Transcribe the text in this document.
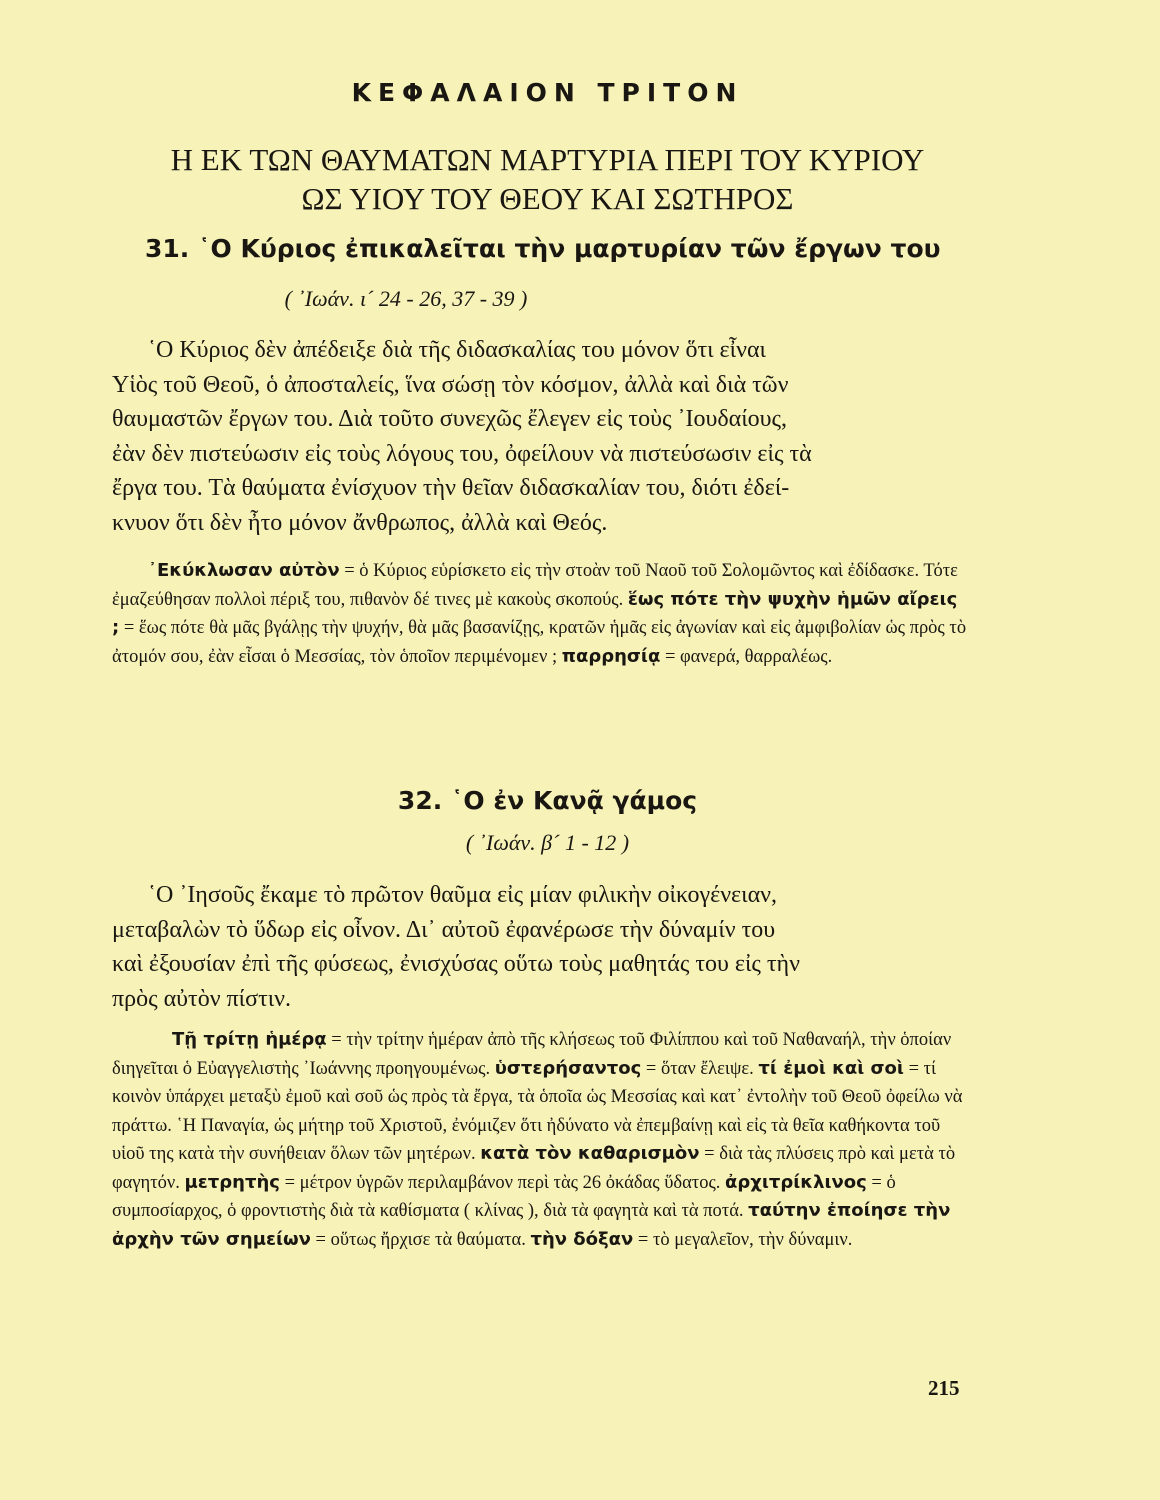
ΚΕΦΑΛΑΙΟΝ ΤΡΙΤΟΝ
Η ΕΚ ΤΩΝ ΘΑΥΜΑΤΩΝ ΜΑΡΤΥΡΙΑ ΠΕΡΙ ΤΟΥ ΚΥΡΙΟΥ
ΩΣ ΥΙΟΥ ΤΟΥ ΘΕΟΥ ΚΑΙ ΣΩΤΗΡΟΣ
31. ῾Ο Κύριος ἐπικαλεῖται τὴν μαρτυρίαν τῶν ἔργων του
( ᾿Ιωάν. ι´ 24 - 26, 37 - 39 )
῾Ο Κύριος δὲν ἀπέδειξε διὰ τῆς διδασκαλίας του μόνον ὅτι εἶναι
Υἱὸς τοῦ Θεοῦ, ὁ ἀποσταλείς, ἵνα σώσῃ τὸν κόσμον, ἀλλὰ καὶ διὰ τῶν
θαυμαστῶν ἔργων του. Διὰ τοῦτο συνεχῶς ἔλεγεν εἰς τοὺς ᾿Ιουδαίους,
ἐὰν δὲν πιστεύωσιν εἰς τοὺς λόγους του, ὀφείλουν νὰ πιστεύσωσιν εἰς τὰ
ἔργα του. Τὰ θαύματα ἐνίσχυον τὴν θεῖαν διδασκαλίαν του, διότι ἐδεί-
κνυον ὅτι δὲν ἦτο μόνον ἄνθρωπος, ἀλλὰ καὶ Θεός.
᾿Εκύκλωσαν αὐτὸν = ὁ Κύριος εὑρίσκετο εἰς τὴν στοὰν τοῦ Ναοῦ τοῦ Σολομῶντος καὶ ἐδίδασκε. Τότε ἐμαζεύθησαν πολλοὶ πέριξ του, πιθανὸν δέ τινες μὲ κακοὺς σκοπούς. ἕως πότε τὴν ψυχὴν ἡμῶν αἴρεις ; = ἕως πότε θὰ μᾶς βγάλῃς τὴν ψυχήν, θὰ μᾶς βασανίζῃς, κρατῶν ἡμᾶς εἰς ἀγωνίαν καὶ εἰς ἀμφιβολίαν ὡς πρὸς τὸ ἀτομόν σου, ἐὰν εἶσαι ὁ Μεσσίας, τὸν ὁποῖον περιμένομεν ; παρρησίᾳ = φανερά, θαρραλέως.
32. ῾Ο ἐν Κανᾷ γάμος
( ᾿Ιωάν. β´ 1 - 12 )
῾Ο ᾿Ιησοῦς ἔκαμε τὸ πρῶτον θαῦμα εἰς μίαν φιλικὴν οἰκογένειαν,
μεταβαλὼν τὸ ὕδωρ εἰς οἶνον. Δι᾿ αὐτοῦ ἐφανέρωσε τὴν δύναμίν του
καὶ ἐξουσίαν ἐπὶ τῆς φύσεως, ἐνισχύσας οὕτω τοὺς μαθητάς του εἰς τὴν
πρὸς αὐτὸν πίστιν.
Τῇ τρίτῃ ἡμέρᾳ = τὴν τρίτην ἡμέραν ἀπὸ τῆς κλήσεως τοῦ Φιλίππου καὶ τοῦ Ναθαναήλ, τὴν ὁποίαν διηγεῖται ὁ Εὐαγγελιστὴς ᾿Ιωάννης προηγουμένως. ὑστερήσαντος = ὅταν ἔλειψε. τί ἐμοὶ καὶ σοὶ = τί κοινὸν ὑπάρχει μεταξὺ ἐμοῦ καὶ σοῦ ὡς πρὸς τὰ ἔργα, τὰ ὁποῖα ὡς Μεσσίας καὶ κατ᾿ ἐντολὴν τοῦ Θεοῦ ὀφείλω νὰ πράττω. ῾Η Παναγία, ὡς μήτηρ τοῦ Χριστοῦ, ἐνόμιζεν ὅτι ἠδύνατο νὰ ἐπεμβαίνῃ καὶ εἰς τὰ θεῖα καθήκοντα τοῦ υἱοῦ της κατὰ τὴν συνήθειαν ὅλων τῶν μητέρων. κατὰ τὸν καθαρισμὸν = διὰ τὰς πλύσεις πρὸ καὶ μετὰ τὸ φαγητόν. μετρητὴς = μέτρον ὑγρῶν περιλαμβάνον περὶ τὰς 26 ὀκάδας ὕδατος. ἀρχιτρίκλινος = ὁ συμποσίαρχος, ὁ φροντιστὴς διὰ τὰ καθίσματα ( κλίνας ), διὰ τὰ φαγητὰ καὶ τὰ ποτά. ταύτην ἐποίησε τὴν ἀρχὴν τῶν σημείων = οὕτως ἤρχισε τὰ θαύματα. τὴν δόξαν = τὸ μεγαλεῖον, τὴν δύναμιν.
215
